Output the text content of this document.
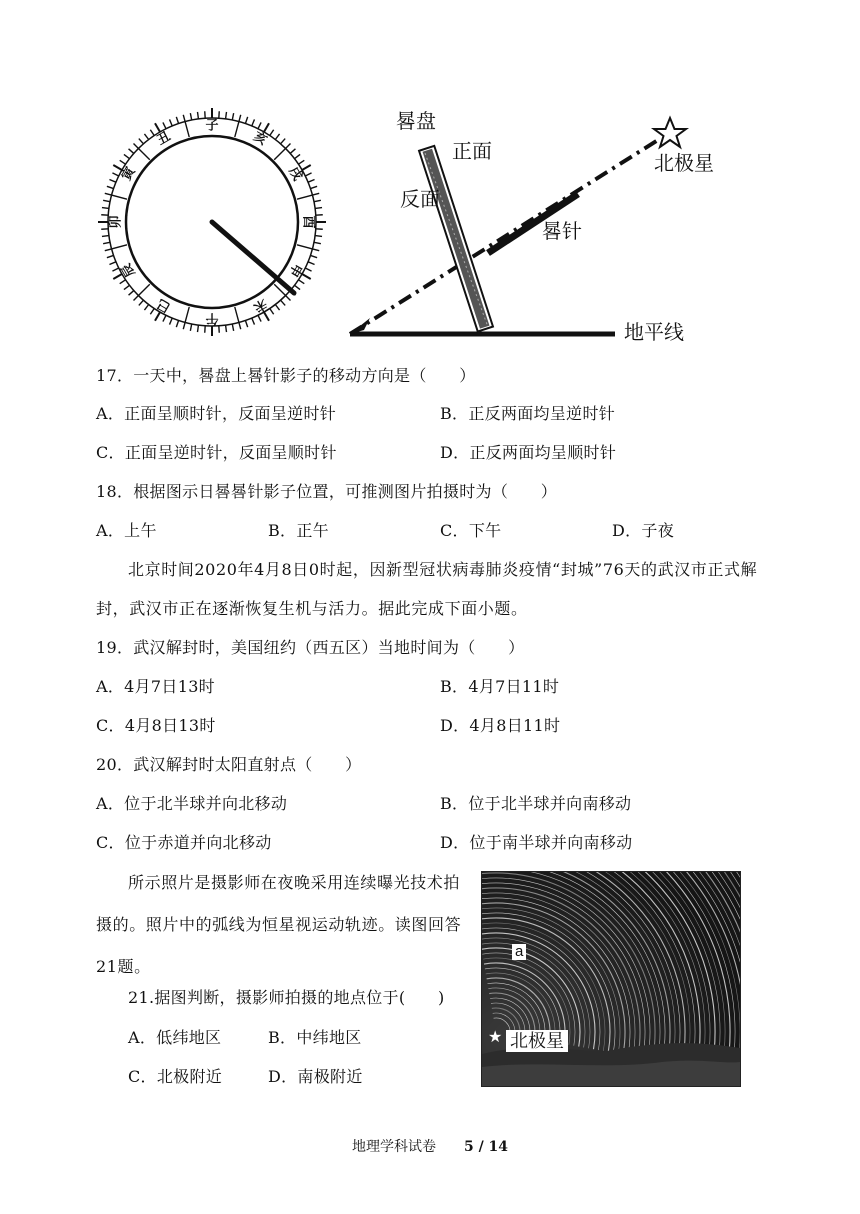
子
丑
寅
卯
辰
巳
午
未
申
酉
戌
亥
晷盘
正面
反面
晷针
北极星
地平线
17．一天中，晷盘上晷针影子的移动方向是（　　）
A．正面呈顺时针，反面呈逆时针	B．正反两面均呈逆时针
C．正面呈逆时针，反面呈顺时针	D．正反两面均呈顺时针
18．根据图示日晷晷针影子位置，可推测图片拍摄时为（　　）
A．上午	B．正午	C．下午	D．子夜
北京时间2020年4月8日0时起，因新型冠状病毒肺炎疫情“封城”76天的武汉市正式解封，武汉市正在逐渐恢复生机与活力。据此完成下面小题。
19．武汉解封时，美国纽约（西五区）当地时间为（　　）
A．4月7日13时	B．4月7日11时
C．4月8日13时	D．4月8日11时
20．武汉解封时太阳直射点（　　）
A．位于北半球并向北移动	B．位于北半球并向南移动
C．位于赤道并向北移动	D．位于南半球并向南移动
所示照片是摄影师在夜晚采用连续曝光技术拍摄的。照片中的弧线为恒星视运动轨迹。读图回答21题。
21.据图判断，摄影师拍摄的地点位于(　　)
A．低纬地区	B．中纬地区
C．北极附近	D．南极附近
a
★ 北极星
地理学科试卷 5 / 14
